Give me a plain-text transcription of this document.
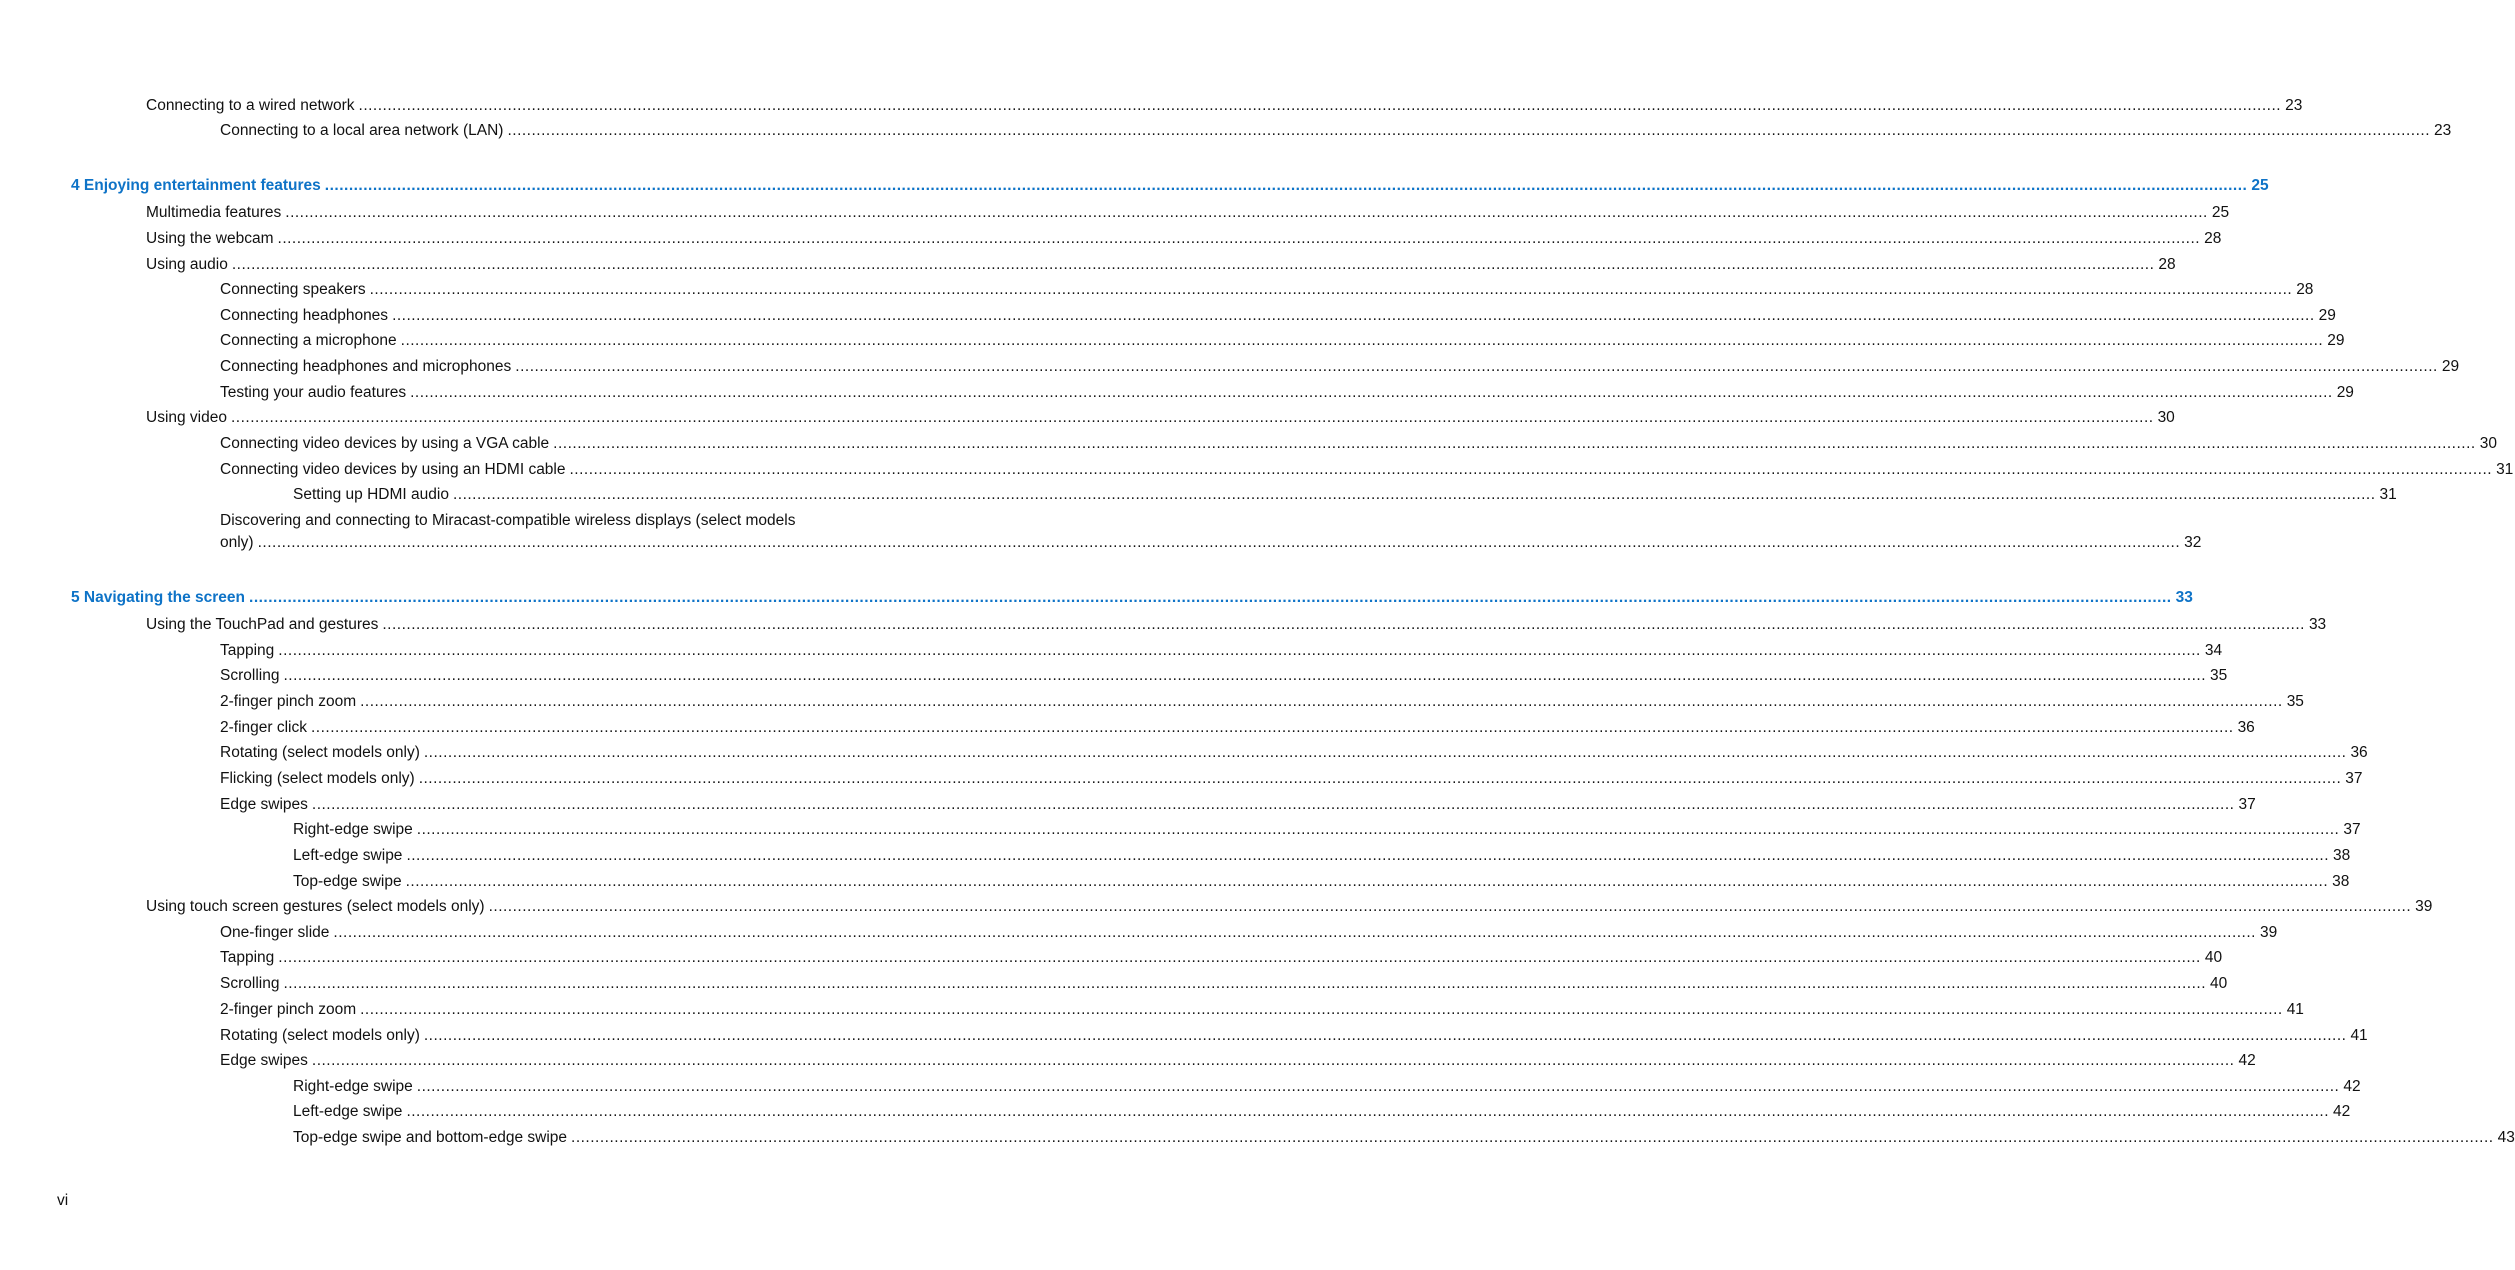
Connecting to a wired network ................................................................................................................................................................................................................................................................................................................................................................................................................ 23
Connecting to a local area network (LAN) ................................................................................................................................................................................................................................................................................................................................................................................................................ 23
4 Enjoying entertainment features ................................................................................................................................................................................................................................................................................................................................................................................................................ 25
Multimedia features ................................................................................................................................................................................................................................................................................................................................................................................................................ 25
Using the webcam ................................................................................................................................................................................................................................................................................................................................................................................................................ 28
Using audio ................................................................................................................................................................................................................................................................................................................................................................................................................ 28
Connecting speakers ................................................................................................................................................................................................................................................................................................................................................................................................................ 28
Connecting headphones ................................................................................................................................................................................................................................................................................................................................................................................................................ 29
Connecting a microphone ................................................................................................................................................................................................................................................................................................................................................................................................................ 29
Connecting headphones and microphones ................................................................................................................................................................................................................................................................................................................................................................................................................ 29
Testing your audio features ................................................................................................................................................................................................................................................................................................................................................................................................................ 29
Using video ................................................................................................................................................................................................................................................................................................................................................................................................................ 30
Connecting video devices by using a VGA cable ................................................................................................................................................................................................................................................................................................................................................................................................................ 30
Connecting video devices by using an HDMI cable ................................................................................................................................................................................................................................................................................................................................................................................................................ 31
Setting up HDMI audio ................................................................................................................................................................................................................................................................................................................................................................................................................ 31
Discovering and connecting to Miracast-compatible wireless displays (select models
only) ................................................................................................................................................................................................................................................................................................................................................................................................................ 32
5 Navigating the screen ................................................................................................................................................................................................................................................................................................................................................................................................................ 33
Using the TouchPad and gestures ................................................................................................................................................................................................................................................................................................................................................................................................................ 33
Tapping ................................................................................................................................................................................................................................................................................................................................................................................................................ 34
Scrolling ................................................................................................................................................................................................................................................................................................................................................................................................................ 35
2-finger pinch zoom ................................................................................................................................................................................................................................................................................................................................................................................................................ 35
2-finger click ................................................................................................................................................................................................................................................................................................................................................................................................................ 36
Rotating (select models only) ................................................................................................................................................................................................................................................................................................................................................................................................................ 36
Flicking (select models only) ................................................................................................................................................................................................................................................................................................................................................................................................................ 37
Edge swipes ................................................................................................................................................................................................................................................................................................................................................................................................................ 37
Right-edge swipe ................................................................................................................................................................................................................................................................................................................................................................................................................ 37
Left-edge swipe ................................................................................................................................................................................................................................................................................................................................................................................................................ 38
Top-edge swipe ................................................................................................................................................................................................................................................................................................................................................................................................................ 38
Using touch screen gestures (select models only) ................................................................................................................................................................................................................................................................................................................................................................................................................ 39
One-finger slide ................................................................................................................................................................................................................................................................................................................................................................................................................ 39
Tapping ................................................................................................................................................................................................................................................................................................................................................................................................................ 40
Scrolling ................................................................................................................................................................................................................................................................................................................................................................................................................ 40
2-finger pinch zoom ................................................................................................................................................................................................................................................................................................................................................................................................................ 41
Rotating (select models only) ................................................................................................................................................................................................................................................................................................................................................................................................................ 41
Edge swipes ................................................................................................................................................................................................................................................................................................................................................................................................................ 42
Right-edge swipe ................................................................................................................................................................................................................................................................................................................................................................................................................ 42
Left-edge swipe ................................................................................................................................................................................................................................................................................................................................................................................................................ 42
Top-edge swipe and bottom-edge swipe ................................................................................................................................................................................................................................................................................................................................................................................................................ 43
vi
